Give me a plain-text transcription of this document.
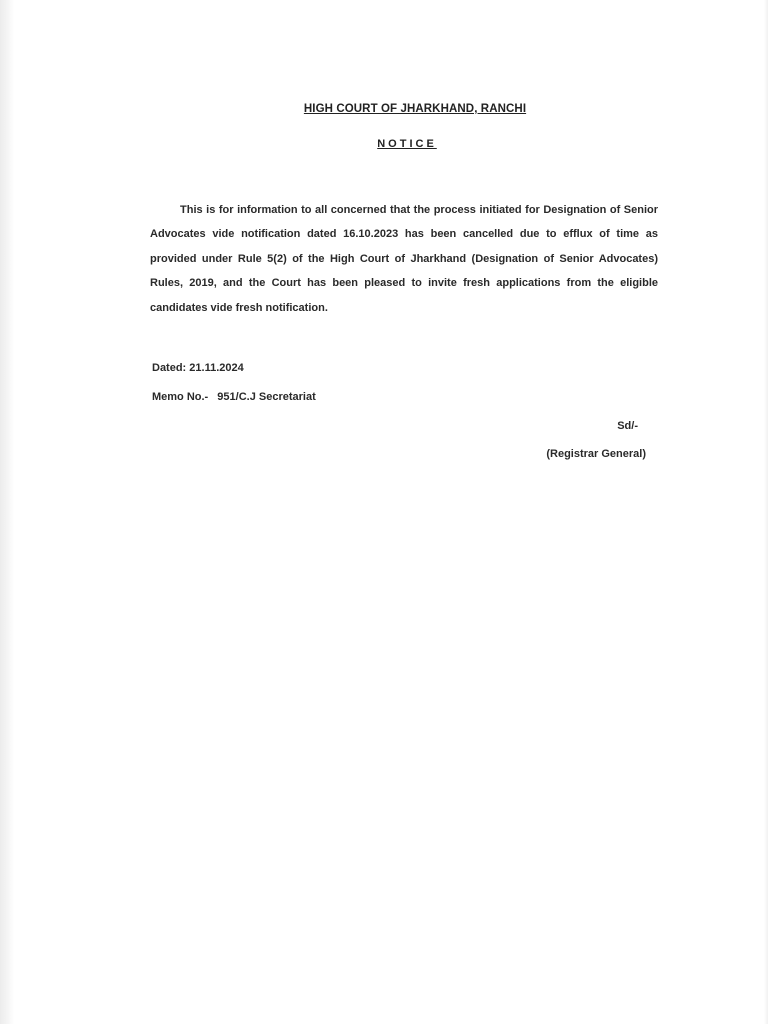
HIGH COURT OF JHARKHAND, RANCHI
NOTICE

This is for information to all concerned that the process initiated for Designation of Senior Advocates vide notification dated 16.10.2023 has been cancelled due to efflux of time as provided under Rule 5(2) of the High Court of Jharkhand (Designation of Senior Advocates) Rules, 2019, and the Court has been pleased to invite fresh applications from the eligible candidates vide fresh notification.

Dated: 21.11.2024
Memo No.- 951/C.J Secretariat
Sd/-
(Registrar General)
